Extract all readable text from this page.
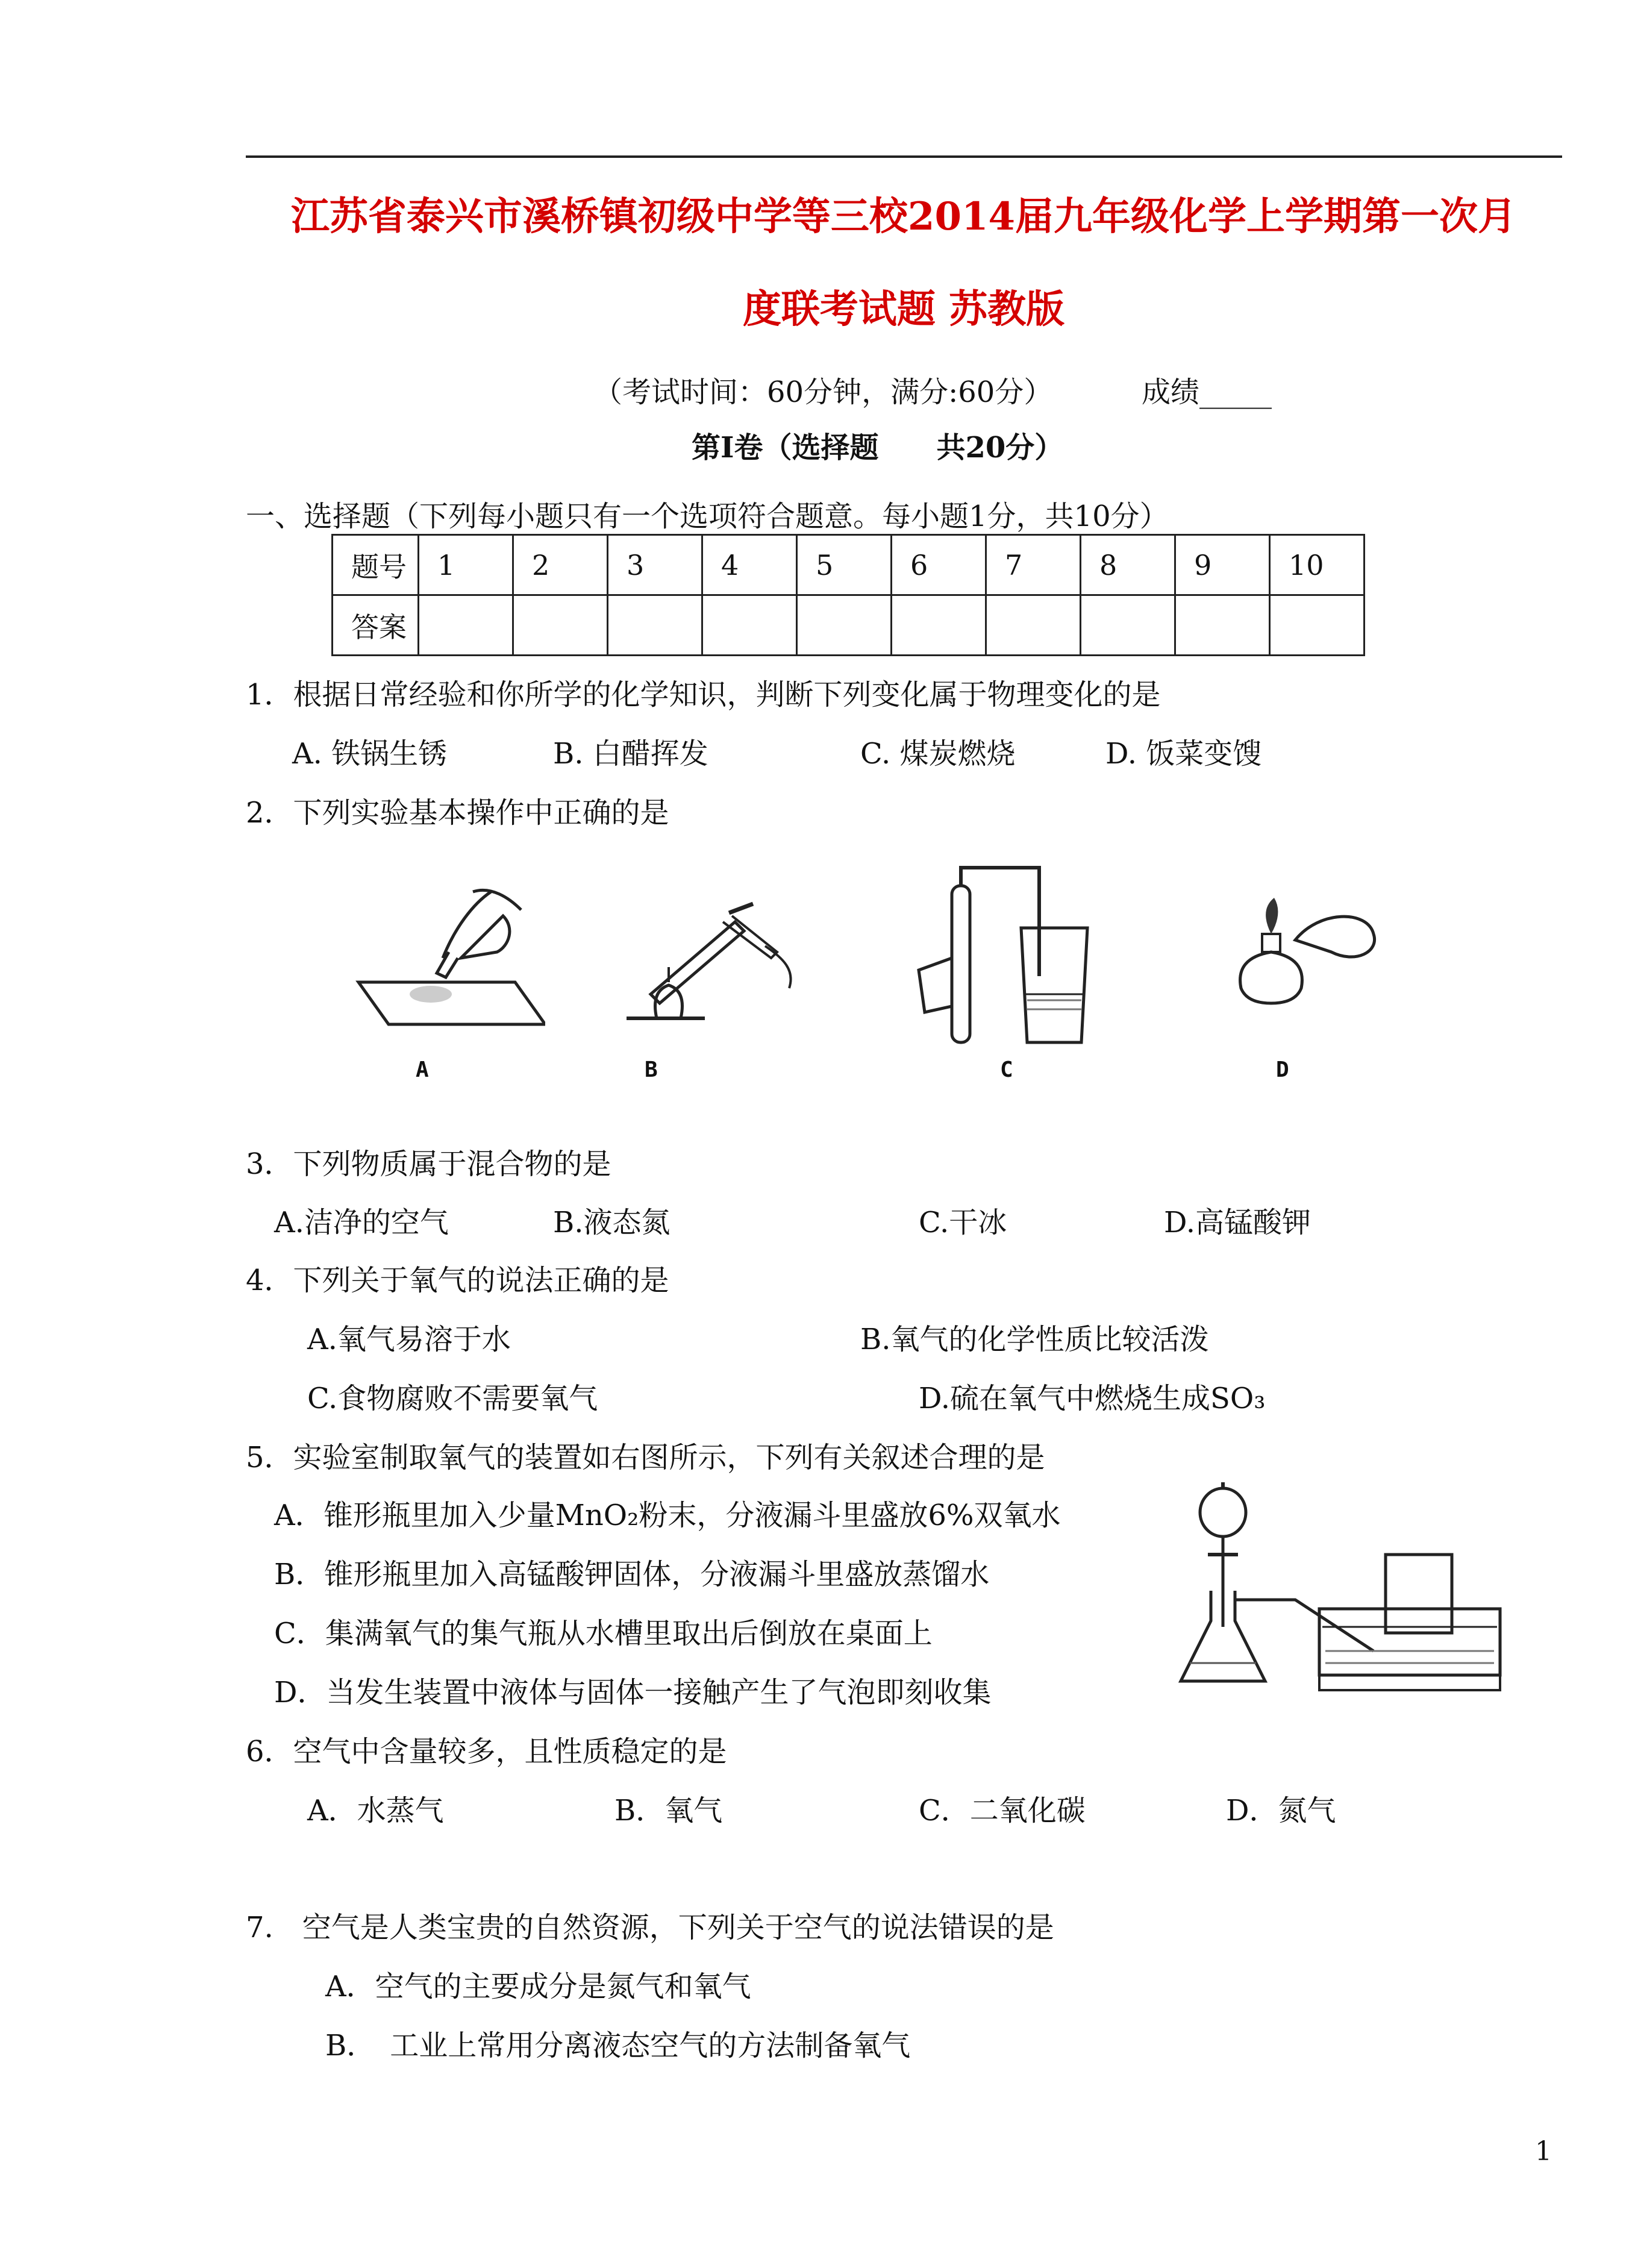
江苏省泰兴市溪桥镇初级中学等三校2014届九年级化学上学期第一次月
度联考试题 苏教版
（考试时间：60分钟，满分:60分）	成绩_____
第Ⅰ卷（选择题　　共20分）
一、选择题（下列每小题只有一个选项符合题意。每小题1分，共10分）
题号	1	2	3	4	5	6	7	8	9	10
答案										
1．根据日常经验和你所学的化学知识，判断下列变化属于物理变化的是
A. 铁锅生锈	B. 白醋挥发	C. 煤炭燃烧	D. 饭菜变馊
2．下列实验基本操作中正确的是
A	B	C	D
3．下列物质属于混合物的是
A.洁净的空气	B.液态氮	C.干冰	D.高锰酸钾
4．下列关于氧气的说法正确的是
A.氧气易溶于水	B.氧气的化学性质比较活泼
C.食物腐败不需要氧气	D.硫在氧气中燃烧生成SO₃
5．实验室制取氧气的装置如右图所示，下列有关叙述合理的是
A．锥形瓶里加入少量MnO₂粉末，分液漏斗里盛放6%双氧水
B．锥形瓶里加入高锰酸钾固体，分液漏斗里盛放蒸馏水
C．集满氧气的集气瓶从水槽里取出后倒放在桌面上
D．当发生装置中液体与固体一接触产生了气泡即刻收集
6．空气中含量较多，且性质稳定的是
A．水蒸气	B．氧气	C．二氧化碳	D．氮气
7.　空气是人类宝贵的自然资源，下列关于空气的说法错误的是
A．空气的主要成分是氮气和氧气
B．　工业上常用分离液态空气的方法制备氧气
1
